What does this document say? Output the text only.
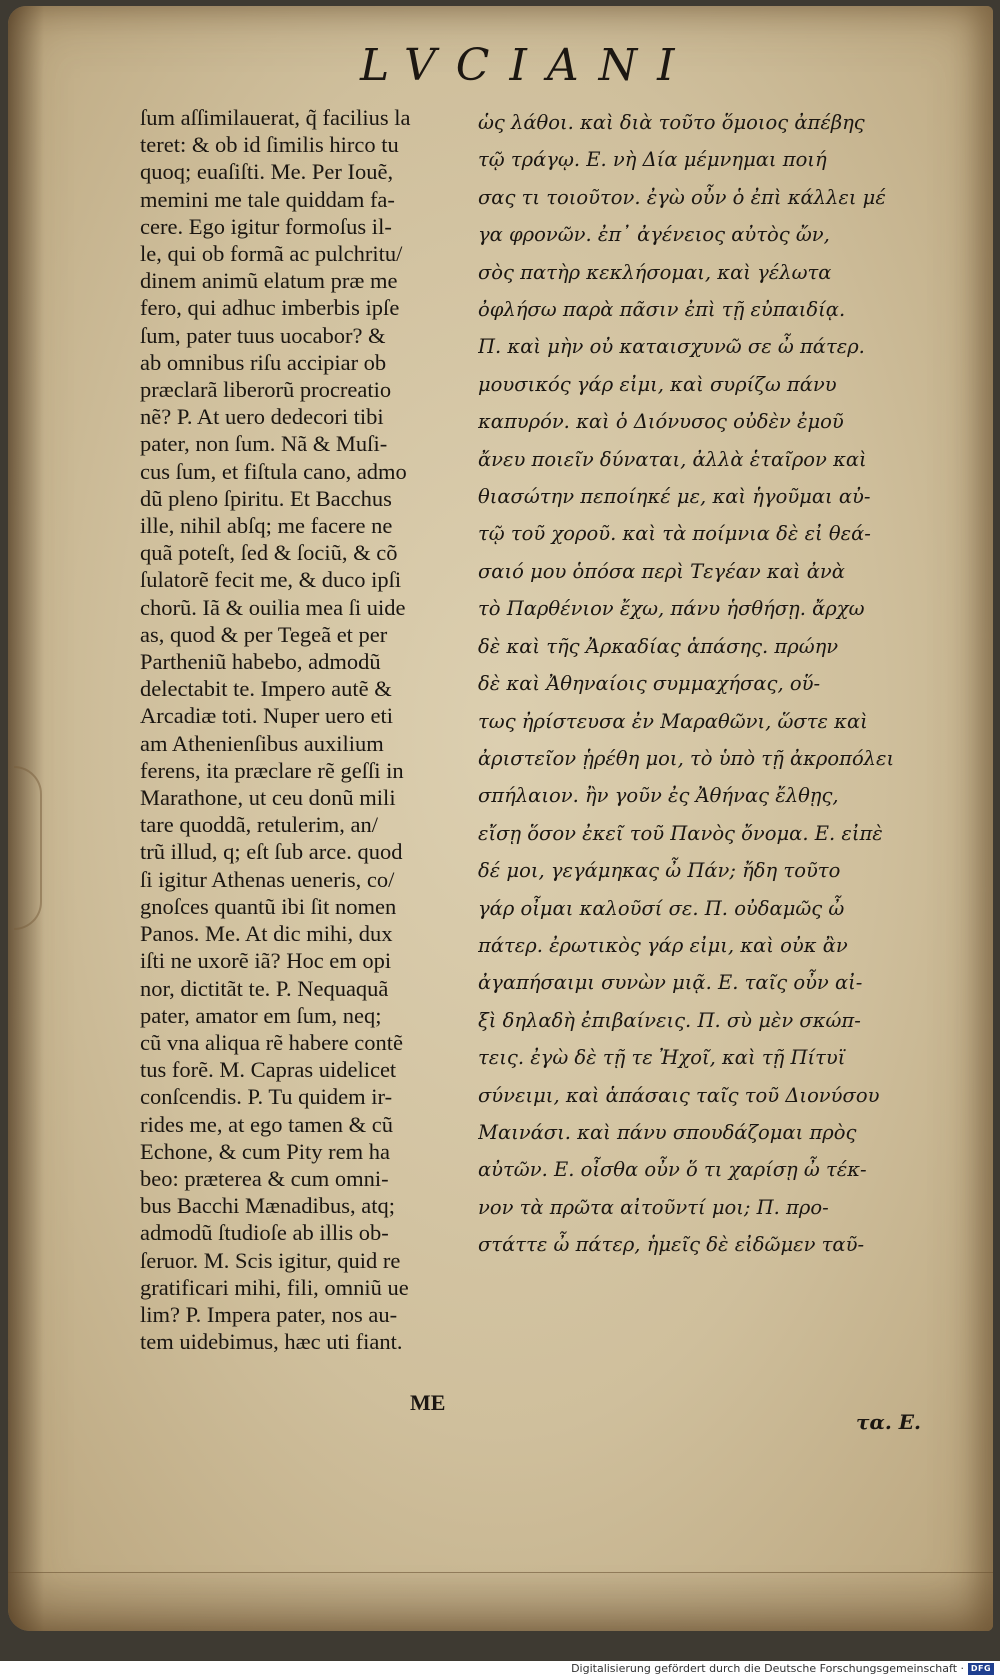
LVCIANI
ſum aſſimilauerat, q̃ facilius la
teret: & ob id ſimilis hirco tu
quoq; euaſiſti. Me. Per Iouẽ,
memini me tale quiddam fa-
cere. Ego igitur formoſus il-
le, qui ob formã ac pulchritu/
dinem animũ elatum præ me
fero, qui adhuc imberbis ipſe
ſum, pater tuus uocabor? &
ab omnibus riſu accipiar ob
præclarã liberorũ procreatio
nẽ? P. At uero dedecori tibi
pater, non ſum. Nã & Muſi-
cus ſum, et fiſtula cano, admo
dũ pleno ſpiritu. Et Bacchus
ille, nihil abſq; me facere ne
quã poteſt, ſed & ſociũ, & cõ
ſulatorẽ fecit me, & duco ipſi
chorũ. Iã & ouilia mea ſi uide
as, quod & per Tegeã et per
Partheniũ habebo, admodũ
delectabit te. Impero autẽ &
Arcadiæ toti. Nuper uero eti
am Athenienſibus auxilium
ferens, ita præclare rẽ geſſi in
Marathone, ut ceu donũ mili
tare quoddã, retulerim, an/
trũ illud, q; eſt ſub arce. quod
ſi igitur Athenas ueneris, co/
gnoſces quantũ ibi ſit nomen
Panos. Me. At dic mihi, dux
iſti ne uxorẽ iã? Hoc em opi
nor, dictitãt te. P. Nequaquã
pater, amator em ſum, neq;
cũ vna aliqua rẽ habere contẽ
tus forẽ. M. Capras uidelicet
conſcendis. P. Tu quidem ir-
rides me, at ego tamen & cũ
Echone, & cum Pity rem ha
beo: præterea & cum omni-
bus Bacchi Mænadibus, atq;
admodũ ſtudioſe ab illis ob-
ſeruor. M. Scis igitur, quid re
gratificari mihi, fili, omniũ ue
lim? P. Impera pater, nos au-
tem uidebimus, hæc uti fiant.
ὡς λάθοι. καὶ διὰ τοῦτο ὅμοιος ἀπέβης
τῷ τράγῳ. Ε. νὴ Δία μέμνημαι ποιή
σας τι τοιοῦτον. ἐγὼ οὖν ὁ ἐπὶ κάλλει μέ
γα φρονῶν. ἐπ᾽ ἀγένειος αὐτὸς ὤν,
σὸς πατὴρ κεκλήσομαι, καὶ γέλωτα
ὀφλήσω παρὰ πᾶσιν ἐπὶ τῇ εὐπαιδίᾳ.
Π. καὶ μὴν οὐ καταισχυνῶ σε ὦ πάτερ.
μουσικός γάρ εἰμι, καὶ συρίζω πάνυ
καπυρόν. καὶ ὁ Διόνυσος οὐδὲν ἐμοῦ
ἄνευ ποιεῖν δύναται, ἀλλὰ ἑταῖρον καὶ
θιασώτην πεποίηκέ με, καὶ ἡγοῦμαι αὐ-
τῷ τοῦ χοροῦ. καὶ τὰ ποίμνια δὲ εἰ θεά-
σαιό μου ὁπόσα περὶ Τεγέαν καὶ ἀνὰ
τὸ Παρθένιον ἔχω, πάνυ ἡσθήσῃ. ἄρχω
δὲ καὶ τῆς Ἀρκαδίας ἁπάσης. πρώην
δὲ καὶ Ἀθηναίοις συμμαχήσας, οὕ-
τως ἠρίστευσα ἐν Μαραθῶνι, ὥστε καὶ
ἀριστεῖον ᾑρέθη μοι, τὸ ὑπὸ τῇ ἀκροπόλει
σπήλαιον. ἢν γοῦν ἐς Ἀθήνας ἔλθῃς,
εἴσῃ ὅσον ἐκεῖ τοῦ Πανὸς ὄνομα. Ε. εἰπὲ
δέ μοι, γεγάμηκας ὦ Πάν; ἤδη τοῦτο
γάρ οἶμαι καλοῦσί σε. Π. οὐδαμῶς ὦ
πάτερ. ἐρωτικὸς γάρ εἰμι, καὶ οὐκ ἂν
ἀγαπήσαιμι συνὼν μιᾷ. Ε. ταῖς οὖν αἰ-
ξὶ δηλαδὴ ἐπιβαίνεις. Π. σὺ μὲν σκώπ-
τεις. ἐγὼ δὲ τῇ τε Ἠχοῖ, καὶ τῇ Πίτυϊ
σύνειμι, καὶ ἁπάσαις ταῖς τοῦ Διονύσου
Μαινάσι. καὶ πάνυ σπουδάζομαι πρὸς
αὐτῶν. Ε. οἶσθα οὖν ὅ τι χαρίσῃ ὦ τέκ-
νον τὰ πρῶτα αἰτοῦντί μοι; Π. προ-
στάττε ὦ πάτερ, ἡμεῖς δὲ εἰδῶμεν ταῦ-
ME
τα. Ε.
Digitalisierung gefördert durch die Deutsche Forschungsgemeinschaft · DFG
